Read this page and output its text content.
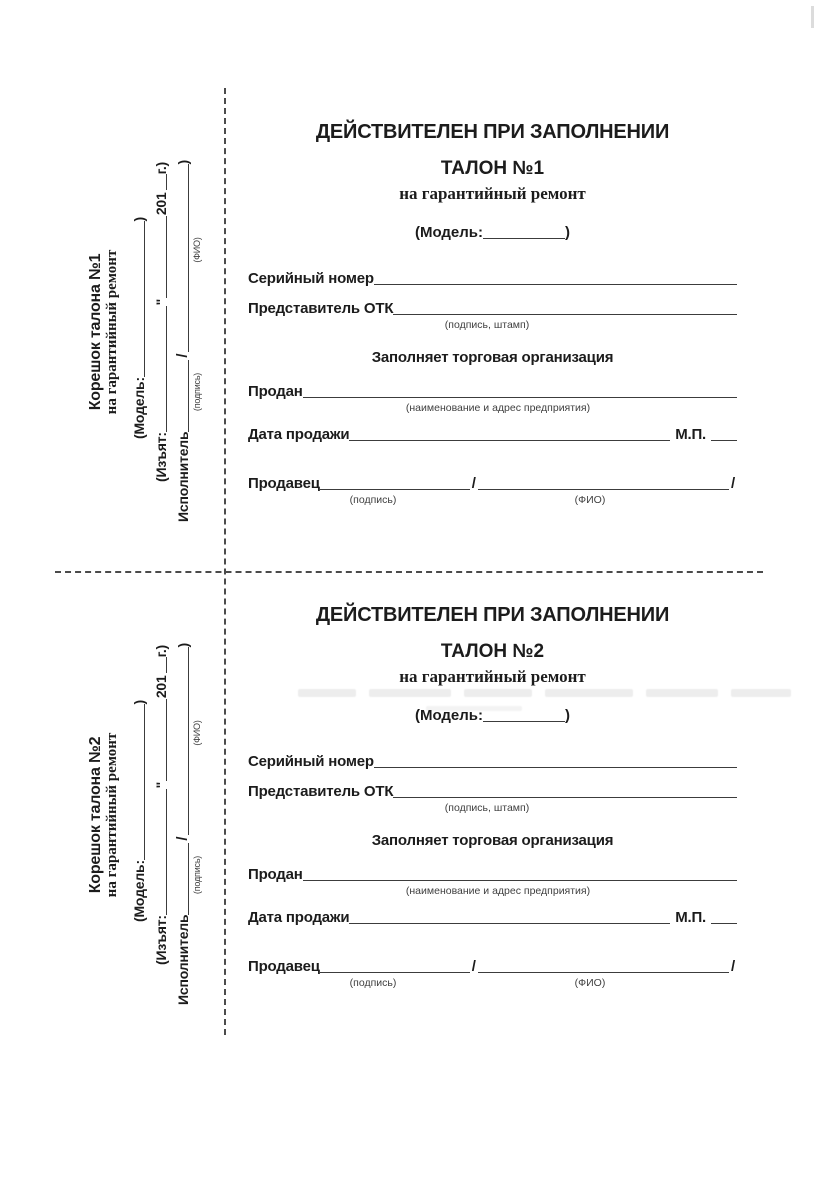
Корешок талона №1 на гарантийный ремонт (Модель:
)
(Изъят:
"
201
г.)
Исполнитель
/
)
(подпись)
(ФИО)
ДЕЙСТВИТЕЛЕН ПРИ ЗАПОЛНЕНИИ
ТАЛОН №1
на гарантийный ремонт
(Модель:	)
Серийный номер
Представитель ОТК
(подпись, штамп)
Заполняет торговая организация
Продан
(наименование и адрес предприятия)
Дата продажи	М.П.
Продавец	/	/
(подпись)	(ФИО)
Корешок талона №2 на гарантийный ремонт (Модель:
)
(Изъят:
"
201
г.)
Исполнитель
/
)
(подпись)
(ФИО)
ДЕЙСТВИТЕЛЕН ПРИ ЗАПОЛНЕНИИ
ТАЛОН №2
на гарантийный ремонт
(Модель:	)
Серийный номер
Представитель ОТК
(подпись, штамп)
Заполняет торговая организация
Продан
(наименование и адрес предприятия)
Дата продажи	М.П.
Продавец	/	/
(подпись)	(ФИО)
